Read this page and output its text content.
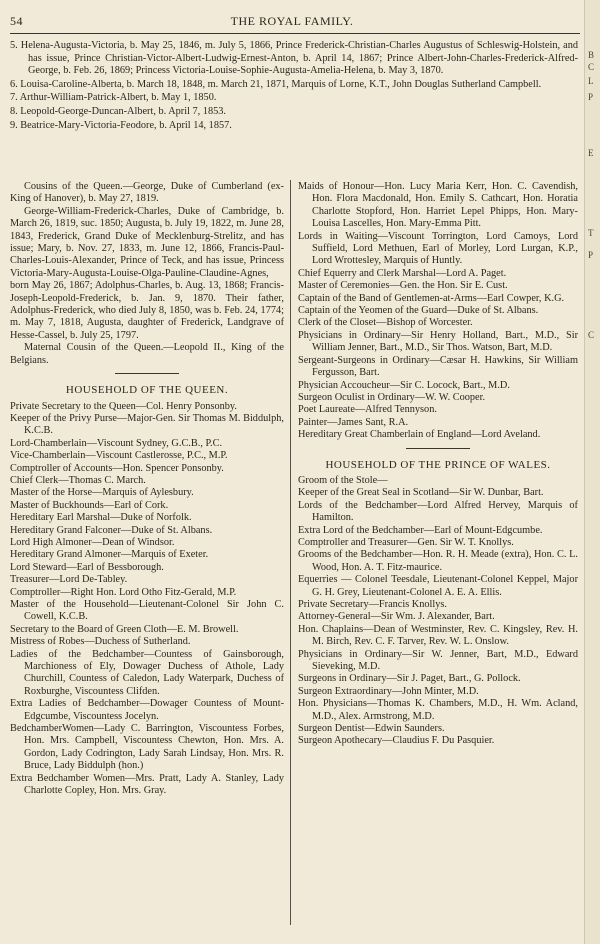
54	THE ROYAL FAMILY.
5. Helena-Augusta-Victoria, b. May 25, 1846, m. July 5, 1866, Prince Frederick-Christian-Charles Augustus of Schleswig-Holstein, and has issue, Prince Christian-Victor-Albert-Ludwig-Ernest-Anton, b. April 14, 1867; Prince Albert-John-Charles-Frederick-Alfred-George, b. Feb. 26, 1869; Princess Victoria-Louise-Sophie-Augusta-Amelia-Helena, b. May 3, 1870.
6. Louisa-Caroline-Alberta, b. March 18, 1848, m. March 21, 1871, Marquis of Lorne, K.T., John Douglas Sutherland Campbell.
7. Arthur-William-Patrick-Albert, b. May 1, 1850.
8. Leopold-George-Duncan-Albert, b. April 7, 1853.
9. Beatrice-Mary-Victoria-Feodore, b. April 14, 1857.

Cousins of the Queen.—George, Duke of Cumberland (ex-King of Hanover), b. May 27, 1819.

George-William-Frederick-Charles, Duke of Cambridge, b. March 26, 1819, suc. 1850; Augusta, b. July 19, 1822, m. June 28, 1843, Frederick, Grand Duke of Mecklenburg-Strelitz, and has issue; Mary, b. Nov. 27, 1833, m. June 12, 1866, Francis-Paul-Charles-Louis-Alexander, Prince of Teck, and has issue, Princess Victoria-Mary-Augusta-Louise-Olga-Pauline-Claudine-Agnes, born May 26, 1867; Adolphus-Charles, b. Aug. 13, 1868; Francis-Joseph-Leopold-Frederick, b. Jan. 9, 1870. Their father, Adolphus-Frederick, who died July 8, 1850, was b. Feb. 24, 1774; m. May 7, 1818, Augusta, daughter of Frederick, Landgrave of Hesse-Cassel, b. July 25, 1797.

Maternal Cousin of the Queen.—Leopold II., King of the Belgians.

HOUSEHOLD OF THE QUEEN.

Private Secretary to the Queen—Col. Henry Ponsonby.

Keeper of the Privy Purse—Major-Gen. Sir Thomas M. Biddulph, K.C.B.

Lord-Chamberlain—Viscount Sydney, G.C.B., P.C.

Vice-Chamberlain—Viscount Castlerosse, P.C., M.P.

Comptroller of Accounts—Hon. Spencer Ponsonby.

Chief Clerk—Thomas C. March.

Master of the Horse—Marquis of Aylesbury.

Master of Buckhounds—Earl of Cork.

Hereditary Earl Marshal—Duke of Norfolk.

Hereditary Grand Falconer—Duke of St. Albans.

Lord High Almoner—Dean of Windsor.

Hereditary Grand Almoner—Marquis of Exeter.

Lord Steward—Earl of Bessborough.

Treasurer—Lord De-Tabley.

Comptroller—Right Hon. Lord Otho Fitz-Gerald, M.P.

Master of the Household—Lieutenant-Colonel Sir John C. Cowell, K.C.B.

Secretary to the Board of Green Cloth—E. M. Browell.

Mistress of Robes—Duchess of Sutherland.

Ladies of the Bedchamber—Countess of Gainsborough, Marchioness of Ely, Dowager Duchess of Athole, Lady Churchill, Countess of Caledon, Lady Waterpark, Duchess of Roxburghe, Viscountess Clifden.

Extra Ladies of Bedchamber—Dowager Countess of Mount-Edgcumbe, Viscountess Jocelyn.

BedchamberWomen—Lady C. Barrington, Viscountess Forbes, Hon. Mrs. Campbell, Viscountess Chewton, Hon. Mrs. A. Gordon, Lady Codrington, Lady Sarah Lindsay, Hon. Mrs. R. Bruce, Lady Biddulph (hon.)

Extra Bedchamber Women—Mrs. Pratt, Lady A. Stanley, Lady Charlotte Copley, Hon. Mrs. Gray.

Maids of Honour—Hon. Lucy Maria Kerr, Hon. C. Cavendish, Hon. Flora Macdonald, Hon. Emily S. Cathcart, Hon. Horatia Charlotte Stopford, Hon. Harriet Lepel Phipps, Hon. Mary-Louisa Lascelles, Hon. Mary-Emma Pitt.

Lords in Waiting—Viscount Torrington, Lord Camoys, Lord Suffield, Lord Methuen, Earl of Morley, Lord Lurgan, K.P., Lord Wrottesley, Marquis of Huntly.

Chief Equerry and Clerk Marshal—Lord A. Paget.

Master of Ceremonies—Gen. the Hon. Sir E. Cust.

Captain of the Band of Gentlemen-at-Arms—Earl Cowper, K.G.

Captain of the Yeomen of the Guard—Duke of St. Albans.

Clerk of the Closet—Bishop of Worcester.

Physicians in Ordinary—Sir Henry Holland, Bart., M.D., Sir William Jenner, Bart., M.D., Sir Thos. Watson, Bart, M.D.

Sergeant-Surgeons in Ordinary—Cæsar H. Hawkins, Sir William Fergusson, Bart.

Physician Accoucheur—Sir C. Locock, Bart., M.D.

Surgeon Oculist in Ordinary—W. W. Cooper.

Poet Laureate—Alfred Tennyson.

Painter—James Sant, R.A.

Hereditary Great Chamberlain of England—Lord Aveland.

HOUSEHOLD OF THE PRINCE OF WALES.

Groom of the Stole—

Keeper of the Great Seal in Scotland—Sir W. Dunbar, Bart.

Lords of the Bedchamber—Lord Alfred Hervey, Marquis of Hamilton.

Extra Lord of the Bedchamber—Earl of Mount-Edgcumbe.

Comptroller and Treasurer—Gen. Sir W. T. Knollys.

Grooms of the Bedchamber—Hon. R. H. Meade (extra), Hon. C. L. Wood, Hon. A. T. Fitz-maurice.

Equerries — Colonel Teesdale, Lieutenant-Colonel Keppel, Major G. H. Grey, Lieutenant-Colonel A. E. A. Ellis.

Private Secretary—Francis Knollys.

Attorney-General—Sir Wm. J. Alexander, Bart.

Hon. Chaplains—Dean of Westminster, Rev. C. Kingsley, Rev. H. M. Birch, Rev. C. F. Tarver, Rev. W. L. Onslow.

Physicians in Ordinary—Sir W. Jenner, Bart, M.D., Edward Sieveking, M.D.

Surgeons in Ordinary—Sir J. Paget, Bart., G. Pollock.

Surgeon Extraordinary—John Minter, M.D.

Hon. Physicians—Thomas K. Chambers, M.D., H. Wm. Acland, M.D., Alex. Armstrong, M.D.

Surgeon Dentist—Edwin Saunders.

Surgeon Apothecary—Claudius F. Du Pasquier.

B
C
L
P
E
T
P
C
